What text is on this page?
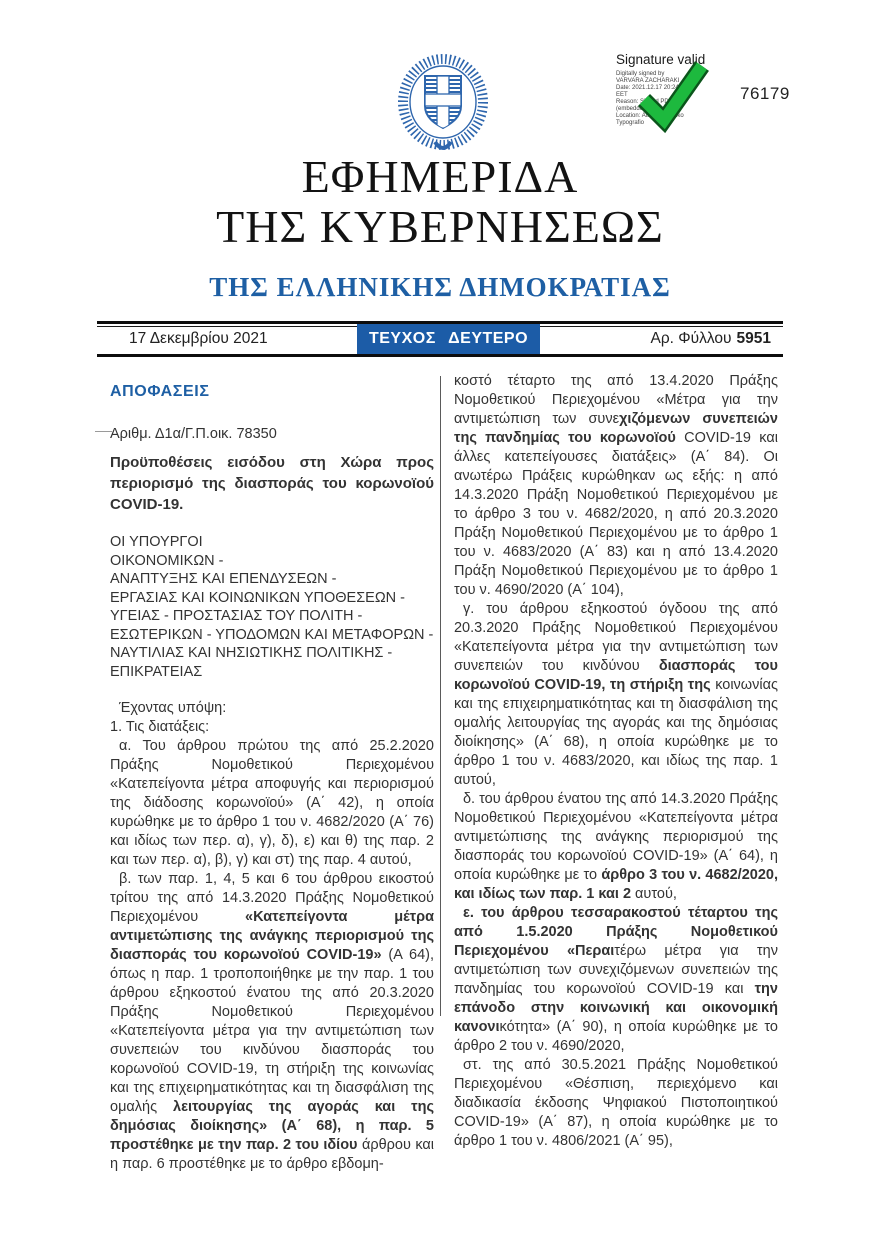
Signature valid
Digitally signed by
VARVARA ZACHARAKI
Date: 2021.12.17 20:24:46
EET
Reason: Signed PDF
(embedded)
Location: Athens, Ethniko
Typografio
76179
ΕΦΗΜΕΡΙΔΑ
ΤΗΣ ΚΥΒΕΡΝΗΣΕΩΣ
ΤΗΣ ΕΛΛΗΝΙΚΗΣ ΔΗΜΟΚΡΑΤΙΑΣ
17 Δεκεμβρίου 2021	ΤΕΥΧΟΣ ΔΕΥΤΕΡΟ	Αρ. Φύλλου 5951
ΑΠΟΦΑΣΕΙΣ
Αριθμ. Δ1α/Γ.Π.οικ. 78350
Προϋποθέσεις εισόδου στη Χώρα προς περιορισμό της διασποράς του κορωνοϊού COVID-19.
ΟΙ ΥΠΟΥΡΓΟΙ
ΟΙΚΟΝΟΜΙΚΩΝ -
ΑΝΑΠΤΥΞΗΣ ΚΑΙ ΕΠΕΝΔΥΣΕΩΝ -
ΕΡΓΑΣΙΑΣ ΚΑΙ ΚΟΙΝΩΝΙΚΩΝ ΥΠΟΘΕΣΕΩΝ -
ΥΓΕΙΑΣ - ΠΡΟΣΤΑΣΙΑΣ ΤΟΥ ΠΟΛΙΤΗ -
ΕΣΩΤΕΡΙΚΩΝ - ΥΠΟΔΟΜΩΝ ΚΑΙ ΜΕΤΑΦΟΡΩΝ -
ΝΑΥΤΙΛΙΑΣ ΚΑΙ ΝΗΣΙΩΤΙΚΗΣ ΠΟΛΙΤΙΚΗΣ -
ΕΠΙΚΡΑΤΕΙΑΣ

Έχοντας υπόψη:

1. Τις διατάξεις:

α. Του άρθρου πρώτου της από 25.2.2020 Πράξης Νομοθετικού Περιεχομένου «Κατεπείγοντα μέτρα αποφυγής και περιορισμού της διάδοσης κορωνοϊού» (Α΄ 42), η οποία κυρώθηκε με το άρθρο 1 του ν. 4682/2020 (Α΄ 76) και ιδίως των περ. α), γ), δ), ε) και θ) της παρ. 2 και των περ. α), β), γ) και στ) της παρ. 4 αυτού,

β. των παρ. 1, 4, 5 και 6 του άρθρου εικοστού τρίτου της από 14.3.2020 Πράξης Νομοθετικού Περιεχομένου «Κατεπείγοντα μέτρα αντιμετώπισης της ανάγκης περιορισμού της διασποράς του κορωνοϊού COVID-19» (Α 64), όπως η παρ. 1 τροποποιήθηκε με την παρ. 1 του άρθρου εξηκοστού ένατου της από 20.3.2020 Πράξης Νομοθετικού Περιεχομένου «Κατεπείγοντα μέτρα για την αντιμετώπιση των συνεπειών του κινδύνου διασποράς του κορωνοϊού COVID-19, τη στήριξη της κοινωνίας και της επιχειρηματικότητας και τη διασφάλιση της ομαλής λειτουργίας της αγοράς και της δημόσιας διοίκησης» (Α΄ 68), η παρ. 5 προστέθηκε με την παρ. 2 του ιδίου άρθρου και η παρ. 6 προστέθηκε με το άρθρο εβδομη-

κοστό τέταρτο της από 13.4.2020 Πράξης Νομοθετικού Περιεχομένου «Μέτρα για την αντιμετώπιση των συνεχιζόμενων συνεπειών της πανδημίας του κορωνοϊού COVID-19 και άλλες κατεπείγουσες διατάξεις» (Α΄ 84). Οι ανωτέρω Πράξεις κυρώθηκαν ως εξής: η από 14.3.2020 Πράξη Νομοθετικού Περιεχομένου με το άρθρο 3 του ν. 4682/2020, η από 20.3.2020 Πράξη Νομοθετικού Περιεχομένου με το άρθρο 1 του ν. 4683/2020 (Α΄ 83) και η από 13.4.2020 Πράξη Νομοθετικού Περιεχομένου με το άρθρο 1 του ν. 4690/2020 (Α΄ 104),

γ. του άρθρου εξηκοστού όγδοου της από 20.3.2020 Πράξης Νομοθετικού Περιεχομένου «Κατεπείγοντα μέτρα για την αντιμετώπιση των συνεπειών του κινδύνου διασποράς του κορωνοϊού COVID-19, τη στήριξη της κοινωνίας και της επιχειρηματικότητας και τη διασφάλιση της ομαλής λειτουργίας της αγοράς και της δημόσιας διοίκησης» (Α΄ 68), η οποία κυρώθηκε με το άρθρο 1 του ν. 4683/2020, και ιδίως της παρ. 1 αυτού,

δ. του άρθρου ένατου της από 14.3.2020 Πράξης Νομοθετικού Περιεχομένου «Κατεπείγοντα μέτρα αντιμετώπισης της ανάγκης περιορισμού της διασποράς του κορωνοϊού COVID-19» (Α΄ 64), η οποία κυρώθηκε με το άρθρο 3 του ν. 4682/2020, και ιδίως των παρ. 1 και 2 αυτού,

ε. του άρθρου τεσσαρακοστού τέταρτου της από 1.5.2020 Πράξης Νομοθετικού Περιεχομένου «Περαιτέρω μέτρα για την αντιμετώπιση των συνεχιζόμενων συνεπειών της πανδημίας του κορωνοϊού COVID-19 και την επάνοδο στην κοινωνική και οικονομική κανονικότητα» (Α΄ 90), η οποία κυρώθηκε με το άρθρο 2 του ν. 4690/2020,

στ. της από 30.5.2021 Πράξης Νομοθετικού Περιεχομένου «Θέσπιση, περιεχόμενο και διαδικασία έκδοσης Ψηφιακού Πιστοποιητικού COVID-19» (Α΄ 87), η οποία κυρώθηκε με το άρθρο 1 του ν. 4806/2021 (Α΄ 95),
